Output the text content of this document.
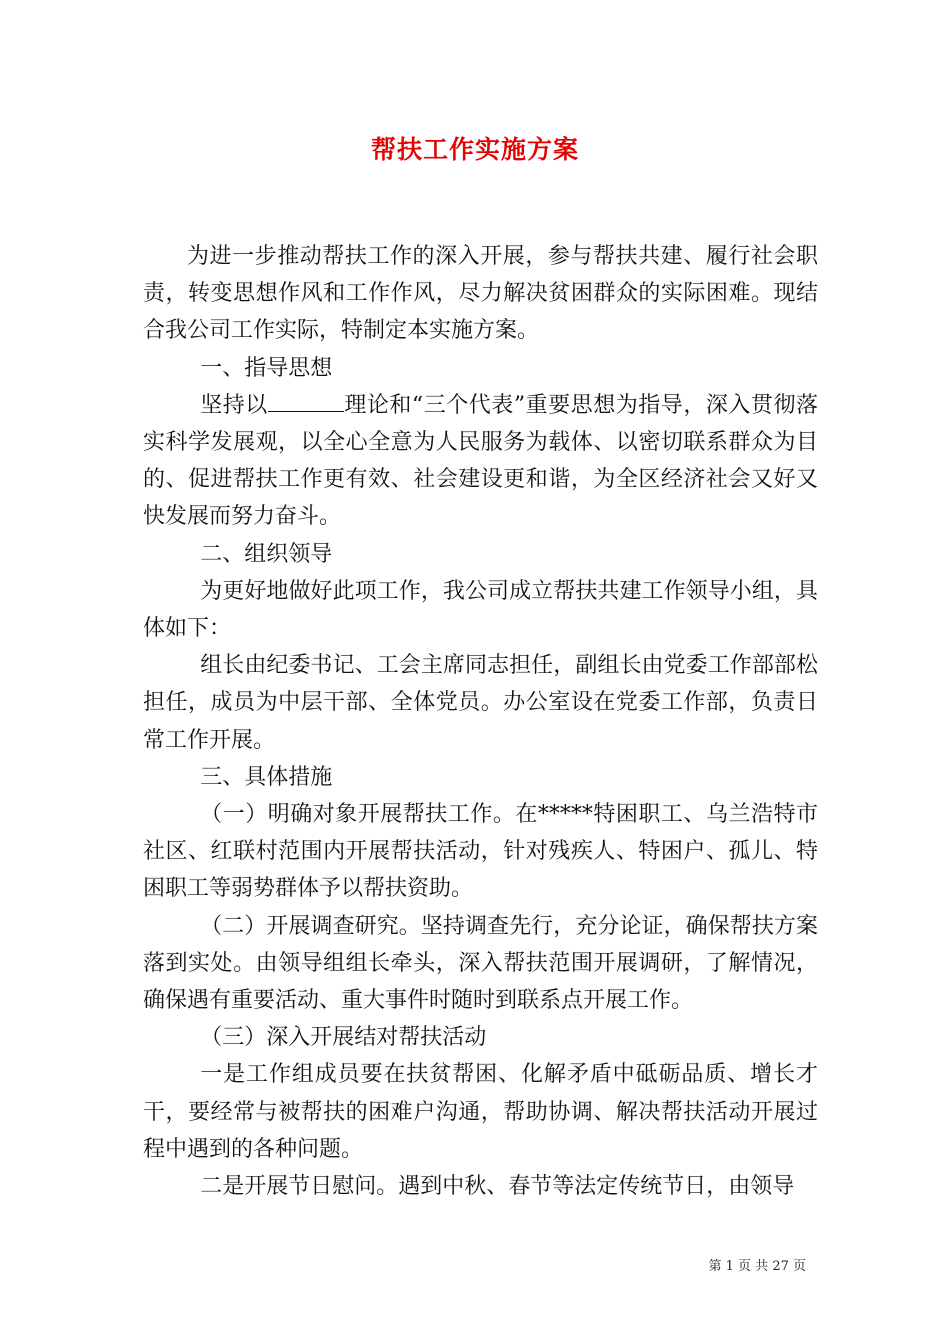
帮扶工作实施方案

为进一步推动帮扶工作的深入开展，参与帮扶共建、履行社会职责，转变思想作风和工作作风，尽力解决贫困群众的实际困难。现结合我公司工作实际，特制定本实施方案。

一、指导思想

坚持以	理论和“三个代表”重要思想为指导，深入贯彻落实科学发展观，以全心全意为人民服务为载体、以密切联系群众为目的、促进帮扶工作更有效、社会建设更和谐，为全区经济社会又好又快发展而努力奋斗。

二、组织领导

为更好地做好此项工作，我公司成立帮扶共建工作领导小组，具体如下：

组长由纪委书记、工会主席同志担任，副组长由党委工作部部松担任，成员为中层干部、全体党员。办公室设在党委工作部，负责日常工作开展。

三、具体措施

（一）明确对象开展帮扶工作。在*****特困职工、乌兰浩特市社区、红联村范围内开展帮扶活动，针对残疾人、特困户、孤儿、特困职工等弱势群体予以帮扶资助。

（二）开展调查研究。坚持调查先行，充分论证，确保帮扶方案落到实处。由领导组组长牵头，深入帮扶范围开展调研，了解情况，确保遇有重要活动、重大事件时随时到联系点开展工作。

（三）深入开展结对帮扶活动

一是工作组成员要在扶贫帮困、化解矛盾中砥砺品质、增长才干，要经常与被帮扶的困难户沟通，帮助协调、解决帮扶活动开展过程中遇到的各种问题。

二是开展节日慰问。遇到中秋、春节等法定传统节日，由领导

第 1 页 共 27 页
